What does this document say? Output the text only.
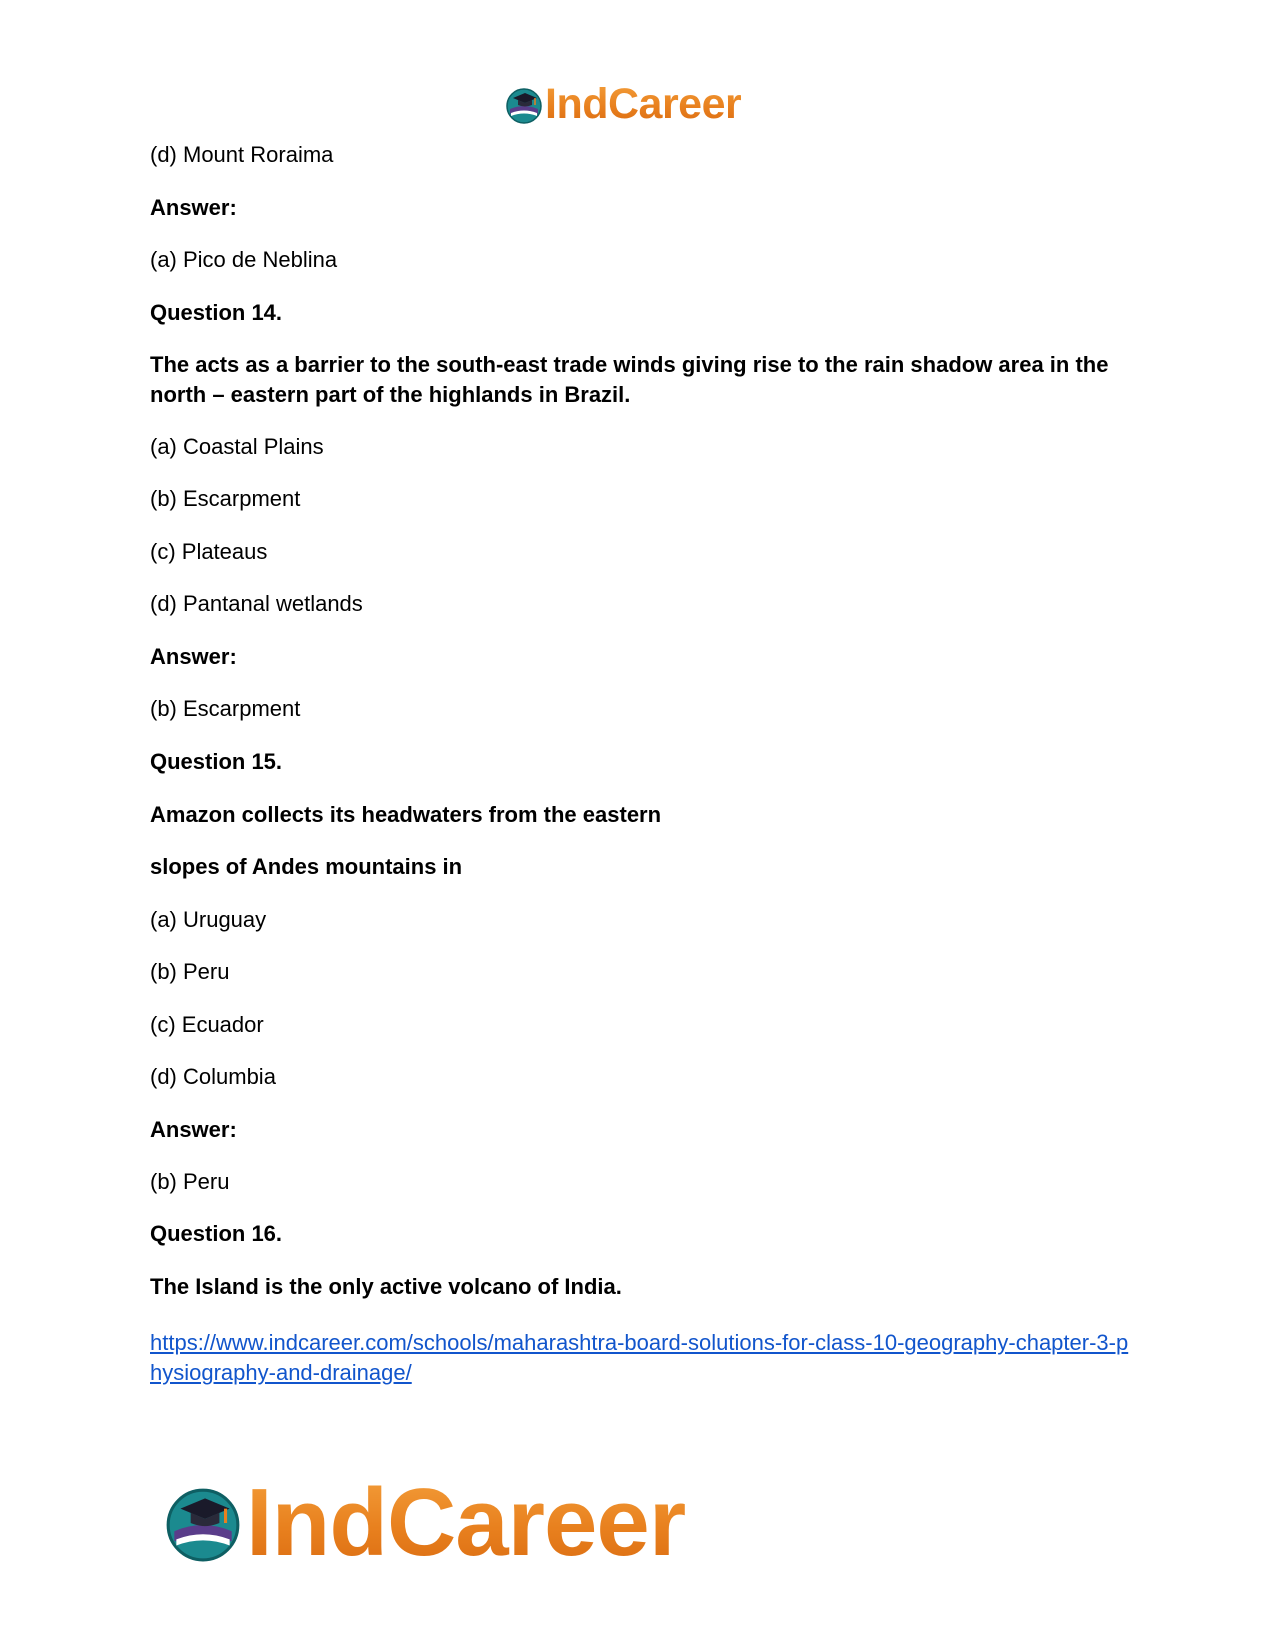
IndCareer
(d) Mount Roraima
Answer:
(a) Pico de Neblina
Question 14.
The acts as a barrier to the south-east trade winds giving rise to the rain shadow area in the north – eastern part of the highlands in Brazil.
(a) Coastal Plains
(b) Escarpment
(c) Plateaus
(d) Pantanal wetlands
Answer:
(b) Escarpment
Question 15.
Amazon collects its headwaters from the eastern
slopes of Andes mountains in
(a) Uruguay
(b) Peru
(c) Ecuador
(d) Columbia
Answer:
(b) Peru
Question 16.
The Island is the only active volcano of India.
https://www.indcareer.com/schools/maharashtra-board-solutions-for-class-10-geography-chapter-3-physiography-and-drainage/
IndCareer
